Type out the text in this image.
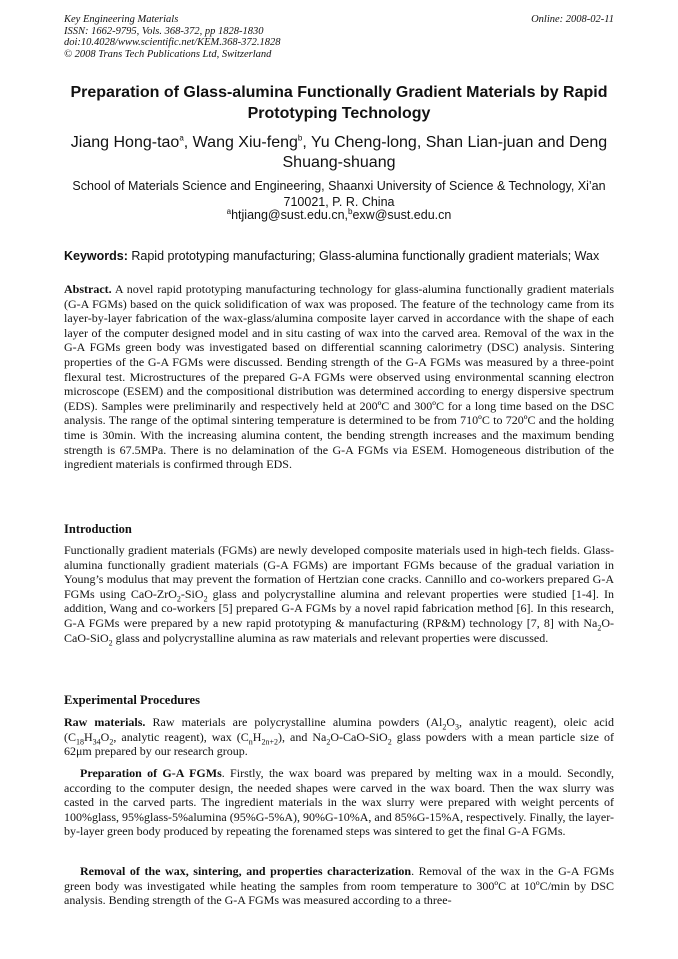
Key Engineering Materials
ISSN: 1662-9795, Vols. 368-372, pp 1828-1830
doi:10.4028/www.scientific.net/KEM.368-372.1828
© 2008 Trans Tech Publications Ltd, Switzerland
Online: 2008-02-11
Preparation of Glass-alumina Functionally Gradient Materials by Rapid Prototyping Technology
Jiang Hong-tao$^a$, Wang Xiu-feng$^b$, Yu Cheng-long, Shan Lian-juan and Deng Shuang-shuang
School of Materials Science and Engineering, Shaanxi University of Science & Technology, Xi’an 710021, P. R. China
$^a$htjiang@sust.edu.cn,$^b$exw@sust.edu.cn
Keywords: Rapid prototyping manufacturing; Glass-alumina functionally gradient materials; Wax
Abstract. A novel rapid prototyping manufacturing technology for glass-alumina functionally gradient materials (G-A FGMs) based on the quick solidification of wax was proposed. The feature of the technology came from its layer-by-layer fabrication of the wax-glass/alumina composite layer carved in accordance with the shape of each layer of the computer designed model and in situ casting of wax into the carved area. Removal of the wax in the G-A FGMs green body was investigated based on differential scanning calorimetry (DSC) analysis. Sintering properties of the G-A FGMs were discussed. Bending strength of the G-A FGMs was measured by a three-point flexural test. Microstructures of the prepared G-A FGMs were observed using environmental scanning electron microscope (ESEM) and the compositional distribution was determined according to energy dispersive spectrum (EDS). Samples were preliminarily and respectively held at 200ºC and 300ºC for a long time based on the DSC analysis. The range of the optimal sintering temperature is determined to be from 710ºC to 720ºC and the holding time is 30min. With the increasing alumina content, the bending strength increases and the maximum bending strength is 67.5MPa. There is no delamination of the G-A FGMs via ESEM. Homogeneous distribution of the ingredient materials is confirmed through EDS.
Introduction
Functionally gradient materials (FGMs) are newly developed composite materials used in high-tech fields. Glass-alumina functionally gradient materials (G-A FGMs) are important FGMs because of the gradual variation in Young’s modulus that may prevent the formation of Hertzian cone cracks. Cannillo and co-workers prepared G-A FGMs using CaO-ZrO$_2$-SiO$_2$ glass and polycrystalline alumina and relevant properties were studied [1-4]. In addition, Wang and co-workers [5] prepared G-A FGMs by a novel rapid fabrication method [6]. In this research, G-A FGMs were prepared by a new rapid prototyping & manufacturing (RP&M) technology [7, 8] with $Na_2O-CaO-SiO_2$ glass and polycrystalline alumina as raw materials and relevant properties were discussed.
Experimental Procedures
Raw materials. Raw materials are polycrystalline alumina powders ($Al_2O_3$, analytic reagent), oleic acid ($C_{18}H_{34}O_2$, analytic reagent), wax $(C_nH_{2n+2})$, and $Na_2O-CaO-SiO_2$ glass powders with a mean particle size of 62μm prepared by our research group.
Preparation of G-A FGMs. Firstly, the wax board was prepared by melting wax in a mould. Secondly, according to the computer design, the needed shapes were carved in the wax board. Then the wax slurry was casted in the carved parts. The ingredient materials in the wax slurry were prepared with weight percents of 100%glass, 95%glass-5%alumina (95%G-5%A), 90%G-10%A, and 85%G-15%A, respectively. Finally, the layer-by-layer green body produced by repeating the forenamed steps was sintered to get the final G-A FGMs.
Removal of the wax, sintering, and properties characterization. Removal of the wax in the G-A FGMs green body was investigated while heating the samples from room temperature to 300ºC at 10ºC/min by DSC analysis. Bending strength of the G-A FGMs was measured according to a three-
